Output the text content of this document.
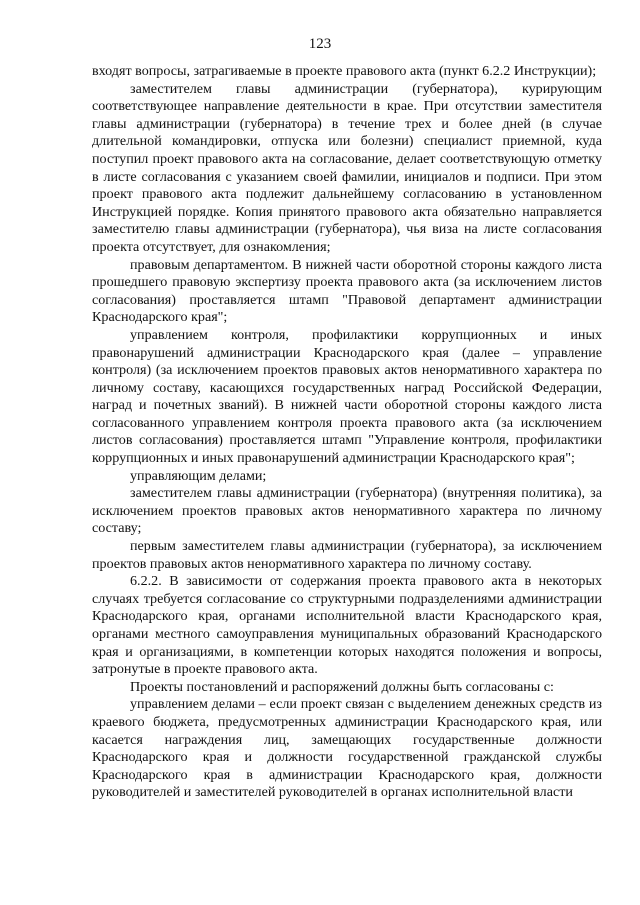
123

входят вопросы, затрагиваемые в проекте правового акта (пункт 6.2.2 Инструкции);

заместителем главы администрации (губернатора), курирующим соответствующее направление деятельности в крае. При отсутствии заместителя главы администрации (губернатора) в течение трех и более дней (в случае длительной командировки, отпуска или болезни) специалист приемной, куда поступил проект правового акта на согласование, делает соответствующую отметку в листе согласования с указанием своей фамилии, инициалов и подписи. При этом проект правового акта подлежит дальнейшему согласованию в установленном Инструкцией порядке. Копия принятого правового акта обязательно направляется заместителю главы администрации (губернатора), чья виза на листе согласования проекта отсутствует, для ознакомления;

правовым департаментом. В нижней части оборотной стороны каждого листа прошедшего правовую экспертизу проекта правового акта (за исключением листов согласования) проставляется штамп "Правовой департамент администрации Краснодарского края";

управлением контроля, профилактики коррупционных и иных правонарушений администрации Краснодарского края (далее – управление контроля) (за исключением проектов правовых актов ненормативного характера по личному составу, касающихся государственных наград Российской Федерации, наград и почетных званий). В нижней части оборотной стороны каждого листа согласованного управлением контроля проекта правового акта (за исключением листов согласования) проставляется штамп "Управление контроля, профилактики коррупционных и иных правонарушений администрации Краснодарского края";

управляющим делами;

заместителем главы администрации (губернатора) (внутренняя политика), за исключением проектов правовых актов ненормативного характера по личному составу;

первым заместителем главы администрации (губернатора), за исключением проектов правовых актов ненормативного характера по личному составу.

6.2.2. В зависимости от содержания проекта правового акта в некоторых случаях требуется согласование со структурными подразделениями администрации Краснодарского края, органами исполнительной власти Краснодарского края, органами местного самоуправления муниципальных образований Краснодарского края и организациями, в компетенции которых находятся положения и вопросы, затронутые в проекте правового акта.

Проекты постановлений и распоряжений должны быть согласованы с:

управлением делами – если проект связан с выделением денежных средств из краевого бюджета, предусмотренных администрации Краснодарского края, или касается награждения лиц, замещающих государственные должности Краснодарского края и должности государственной гражданской службы Краснодарского края в администрации Краснодарского края, должности руководителей и заместителей руководителей в органах исполнительной власти
